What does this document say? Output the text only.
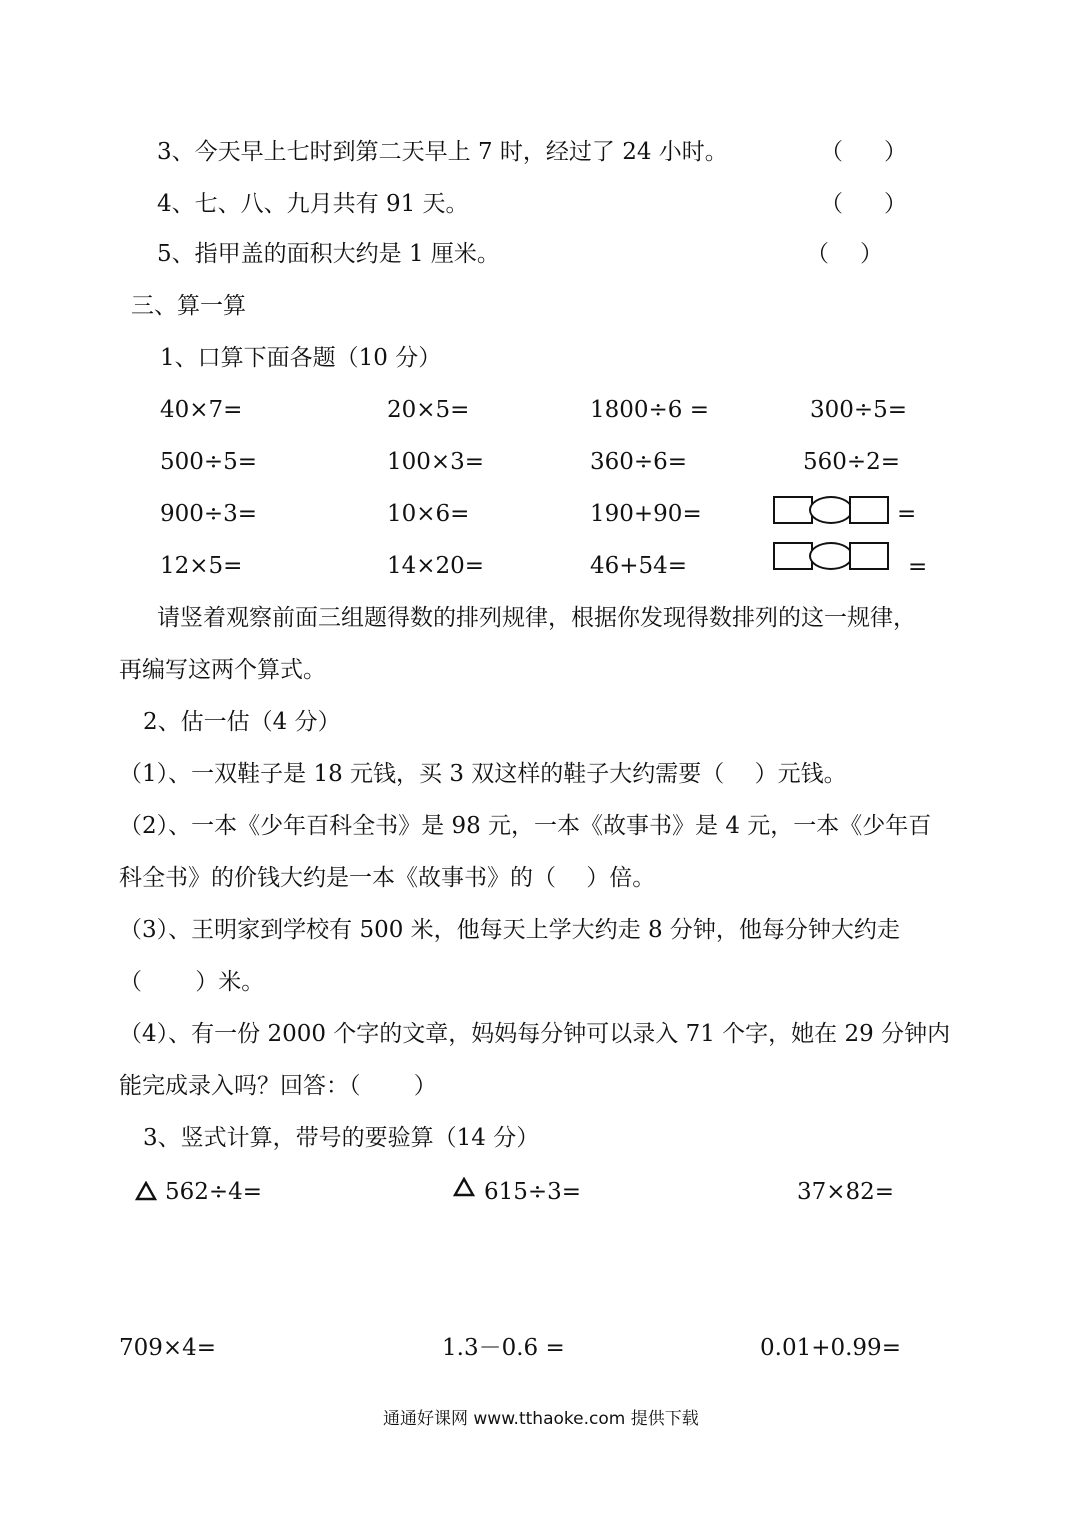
3、今天早上七时到第二天早上 7 时，经过了 24 小时。	（ ）
4、七、八、九月共有 91 天。	（ ）
5、指甲盖的面积大约是 1 厘米。	（ ）
三、算一算
1、口算下面各题（10 分）
40×7=	20×5=	1800÷6 =	300÷5=
500÷5=	100×3=	360÷6=	560÷2=
900÷3=	10×6=	190+90=	=
12×5=	14×20=	46+54=	=
请竖着观察前面三组题得数的排列规律，根据你发现得数排列的这一规律，
再编写这两个算式。
2、估一估（4 分）
（1）、一双鞋子是 18 元钱，买 3 双这样的鞋子大约需要（　 ）元钱。
（2）、一本《少年百科全书》是 98 元，一本《故事书》是 4 元，一本《少年百
科全书》的价钱大约是一本《故事书》的（　 ）倍。
（3）、王明家到学校有 500 米，他每天上学大约走 8 分钟，他每分钟大约走
（　　 ）米。
（4）、有一份 2000 个字的文章，妈妈每分钟可以录入 71 个字，她在 29 分钟内
能完成录入吗？回答：（　　 ）
3、竖式计算，带号的要验算（14 分）
562÷4=	615÷3=	37×82=
709×4=	1.3－0.6 =	0.01+0.99=
通通好课网 www.tthaoke.com 提供下载
